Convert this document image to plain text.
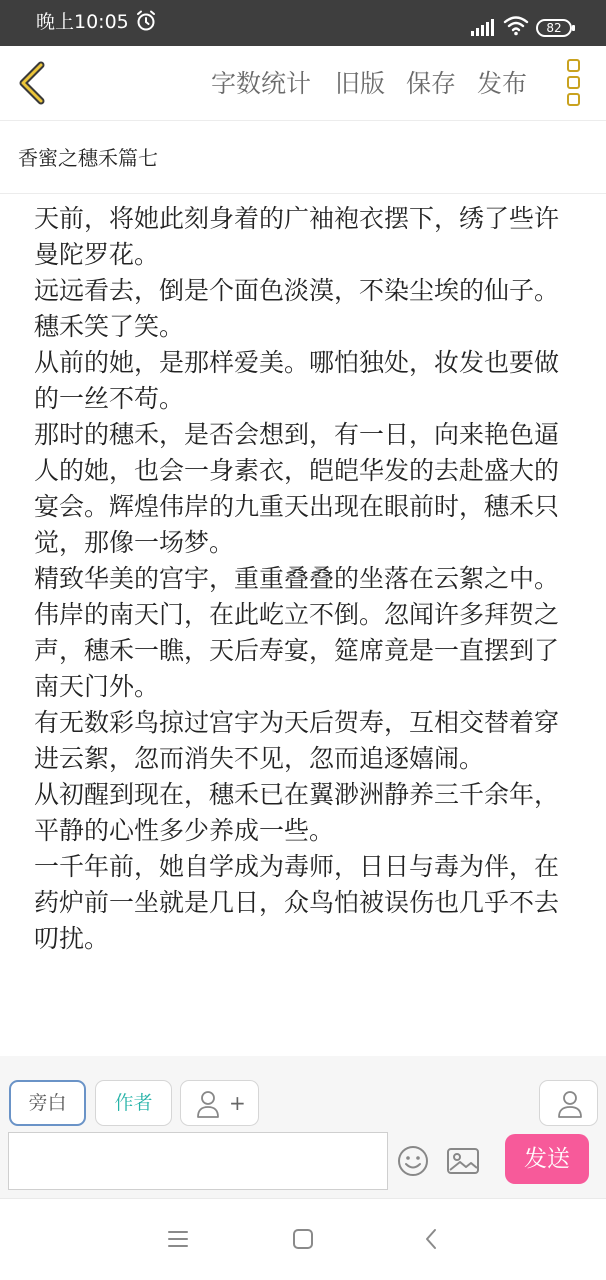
晚上10:05	82
字数统计 旧版 保存 发布
香蜜之穗禾篇七

天前，将她此刻身着的广袖袍衣摆下，绣了些许曼陀罗花。

远远看去，倒是个面色淡漠，不染尘埃的仙子。穗禾笑了笑。

从前的她，是那样爱美。哪怕独处，妆发也要做的一丝不苟。

那时的穗禾，是否会想到，有一日，向来艳色逼人的她，也会一身素衣，皑皑华发的去赴盛大的宴会。辉煌伟岸的九重天出现在眼前时，穗禾只觉，那像一场梦。

精致华美的宫宇，重重叠叠的坐落在云絮之中。伟岸的南天门，在此屹立不倒。忽闻许多拜贺之声，穗禾一瞧，天后寿宴，筵席竟是一直摆到了南天门外。

有无数彩鸟掠过宫宇为天后贺寿，互相交替着穿进云絮，忽而消失不见，忽而追逐嬉闹。

从初醒到现在，穗禾已在翼渺洲静养三千余年，平静的心性多少养成一些。

一千年前，她自学成为毒师，日日与毒为伴，在药炉前一坐就是几日，众鸟怕被误伤也几乎不去叨扰。

旁白	作者	+
发送
